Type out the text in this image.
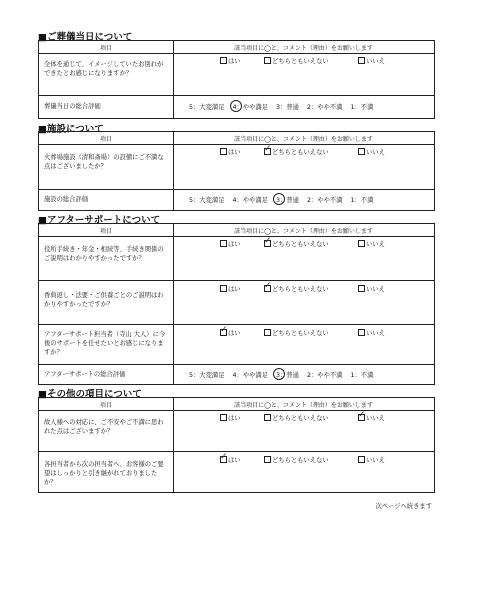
■ご葬儀当日について
項目	該当項目に◯と、コメント（理由）をお願いします
全体を通じて、イメージしていたお別れができたとお感じになりますか？
はい	どちらともいえない	いいえ
葬儀当日の総合評価	5：大変満足 4：やや満足 3：普通 2：やや不満 1：不満
■施設について
項目	該当項目に◯と、コメント（理由）をお願いします
火葬場施設（清和斎場）の設備にご不満な点はございましたか？
はい	✓ どちらともいえない	いいえ
施設の総合評価	5：大変満足 4：やや満足 3：普通 2：やや不満 1：不満
■アフターサポートについて
項目	該当項目に◯と、コメント（理由）をお願いします
役所手続き・年金・相続等、手続き関係のご説明はわかりやすかったですか？
はい	✓ どちらともいえない	いいえ
香典返し・法要・ご供養ごとのご説明はわかりやすかったですか？
はい	✓ どちらともいえない	いいえ
アフターサポート担当者（寺山 大人）に今後のサポートを任せたいとお感じになりますか？
✓ はい	どちらともいえない	いいえ
アフターサポートの総合評価	5：大変満足 4：やや満足 3：普通 2：やや不満 1：不満
■その他の項目について
項目	該当項目に◯と、コメント（理由）をお願いします
故人様への対応に、ご不安やご不満に思われた点はございますか？
はい	どちらともいえない	✓ いいえ
各担当者から次の担当者へ、お客様のご要望はしっかりと引き継がれておりましたか？
✓ はい	どちらともいえない	いいえ
次ページへ続きます
